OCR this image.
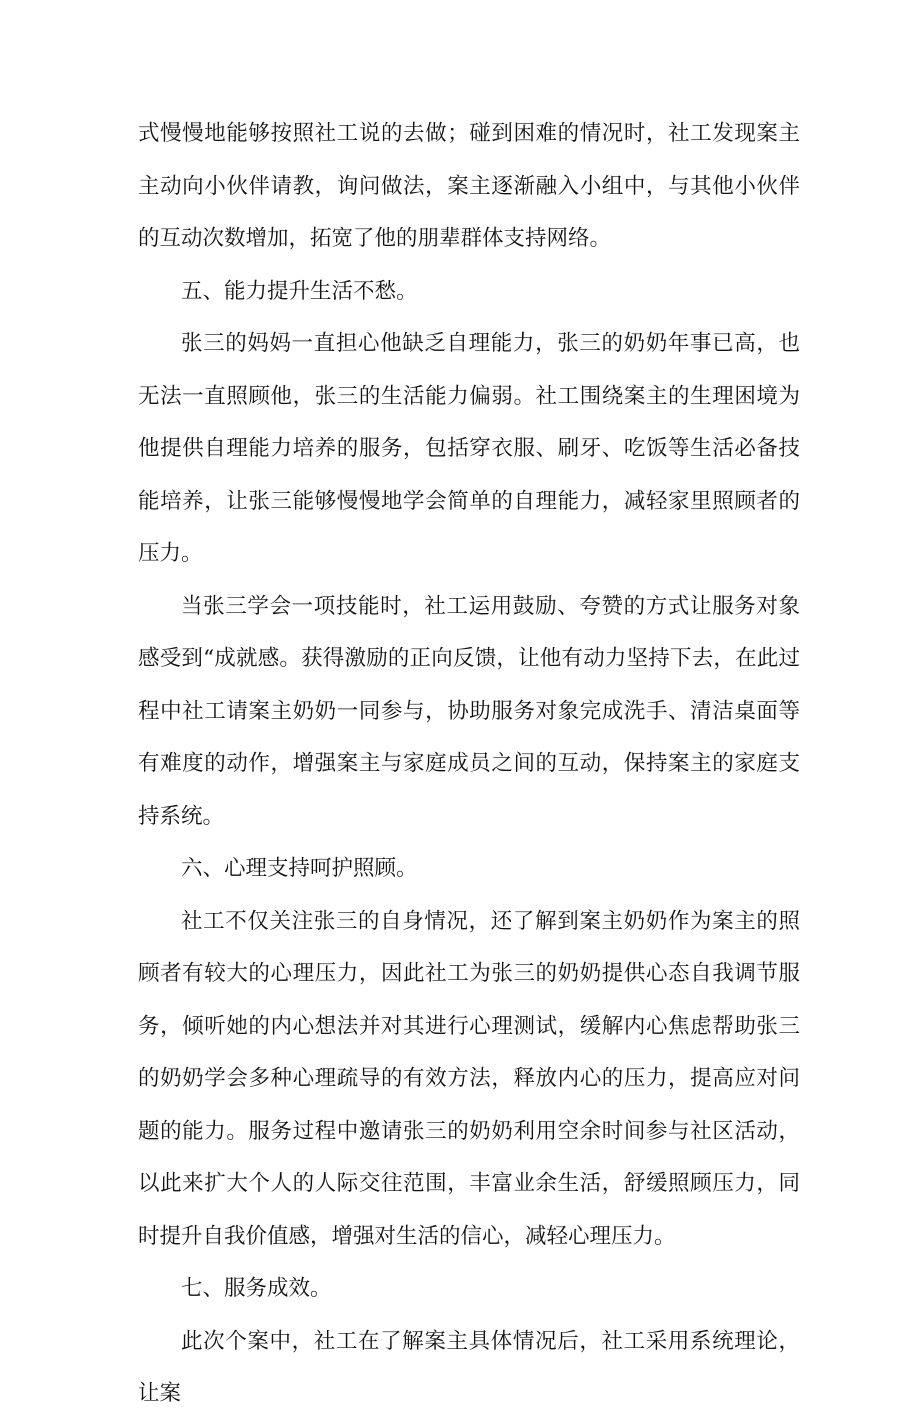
式慢慢地能够按照社工说的去做；碰到困难的情况时，社工发现案主主动向小伙伴请教，询问做法，案主逐渐融入小组中，与其他小伙伴的互动次数增加，拓宽了他的朋辈群体支持网络。

五、能力提升生活不愁。

张三的妈妈一直担心他缺乏自理能力，张三的奶奶年事已高，也无法一直照顾他，张三的生活能力偏弱。社工围绕案主的生理困境为他提供自理能力培养的服务，包括穿衣服、刷牙、吃饭等生活必备技能培养，让张三能够慢慢地学会简单的自理能力，减轻家里照顾者的压力。

当张三学会一项技能时，社工运用鼓励、夸赞的方式让服务对象感受到“成就感。获得激励的正向反馈，让他有动力坚持下去，在此过程中社工请案主奶奶一同参与，协助服务对象完成洗手、清洁桌面等有难度的动作，增强案主与家庭成员之间的互动，保持案主的家庭支持系统。

六、心理支持呵护照顾。

社工不仅关注张三的自身情况，还了解到案主奶奶作为案主的照顾者有较大的心理压力，因此社工为张三的奶奶提供心态自我调节服务，倾听她的内心想法并对其进行心理测试，缓解内心焦虑帮助张三的奶奶学会多种心理疏导的有效方法，释放内心的压力，提高应对问题的能力。服务过程中邀请张三的奶奶利用空余时间参与社区活动，以此来扩大个人的人际交往范围，丰富业余生活，舒缓照顾压力，同时提升自我价值感，增强对生活的信心，减轻心理压力。

七、服务成效。

此次个案中，社工在了解案主具体情况后，社工采用系统理论，让案
